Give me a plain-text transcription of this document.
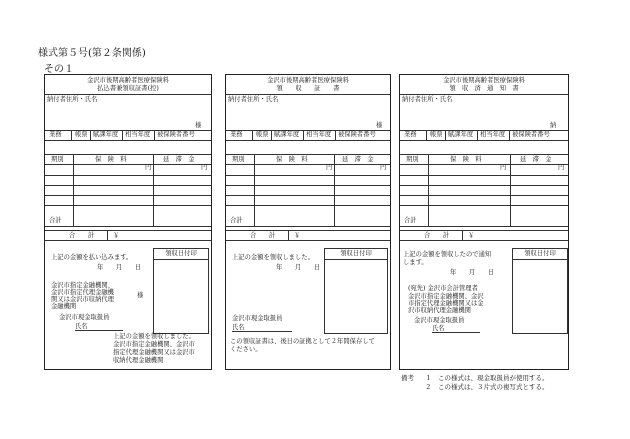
様式第５号(第２条関係)
その１
金沢市後期高齢者医療保険料
払込書兼領収証書(控)
納付者住所・氏名
様
業務 帳票 賦課年度 相当年度 被保険者番号
期別	保　険　料	延　滞　金
円	円
合計
合　　計	￥
上記の金額を払い込みます。
年　　月　　日
領収日付印
金沢市指定金融機関、
金沢市指定代理金融機	様
関又は金沢市収納代理
金融機関
金沢市現金取扱員
氏名
上記の金額を領収しました。
金沢市指定金融機関、金沢市
指定代理金融機関又は金沢市
収納代理金融機関
金沢市後期高齢者医療保険料
領　　収　　証　　書
納付者住所・氏名
様
業務 帳票 賦課年度 相当年度 被保険者番号
期別	保　険　料	延　滞　金
円	円
合計
合　　計	￥
上記の金額を領収しました。
年　　月　　日
領収日付印
金沢市現金取扱員
氏名
この領収証書は、後日の証拠として２年間保存して
ください。
金沢市後期高齢者医療保険料
領　収　済　通　知　書
納付者住所・氏名
納
業務 帳票 賦課年度 相当年度 被保険者番号
期別	保　険　料	延　滞　金
円	円
合計
合　　計	￥
上記の金額を領収したので通知
します。
年　　月　　日
領収日付印
(宛先) 金沢市会計管理者
金沢市指定金融機関、金沢
市指定代理金融機関又は金
沢市収納代理金融機関
金沢市現金取扱員
氏名
備考 １　この様式は、現金取扱員が使用する。
２　この様式は、３片式の複写式とする。
